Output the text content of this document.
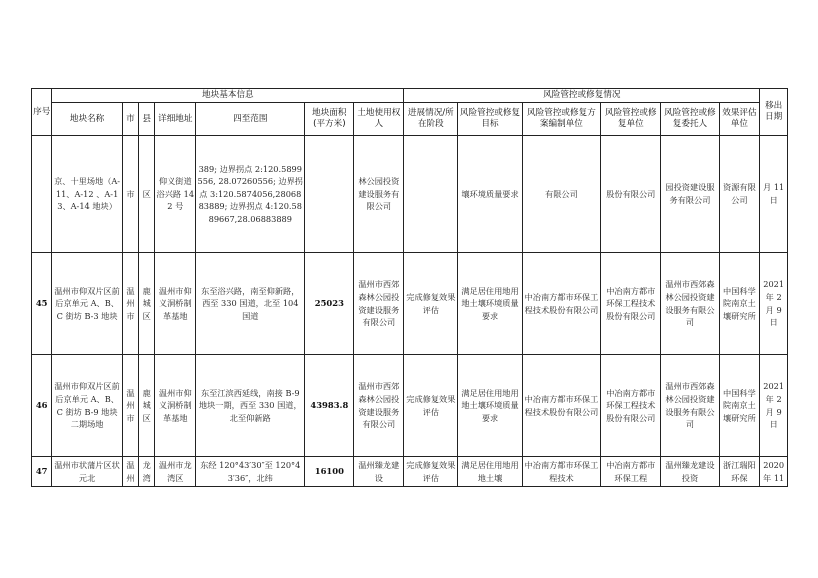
序号	地块基本信息							风险管控或修复情况						移出日期
	地块名称	市	县	详细地址	四至范围	地块面积(平方米)	土地使用权人	进展情况/所在阶段	风险管控或修复目标	风险管控或修复方案编制单位	风险管控或修复单位	风险管控或修复委托人	效果评估单位	
	京、十里场地（A-11、A-12 、A-13、A-14 地块）	市	区	仰义街道浴兴路 142 号	389; 边界拐点 2:120.5899556, 28.07260556; 边界拐点 3:120.5874056,2806883889; 边界拐点 4:120.5889667,28.06883889		林公园投资建设服务有限公司		壤环境质量要求	有限公司	股份有限公司	园投资建设服务有限公司	资源有限公司	月 11 日
45	温州市仰双片区前后京单元 A、B、C 街坊 B-3 地块	温州市	鹿城区	温州市仰义洞桥制革基地	东至浴兴路，南至仰新路，西至 330 国道，北至 104 国道	25023	温州市西郊森林公园投资建设服务有限公司	完成修复效果评估	满足居住用地用地土壤环境质量要求	中冶南方都市环保工程技术股份有限公司	中冶南方都市环保工程技术股份有限公司	温州市西郊森林公园投资建设服务有限公司	中国科学院南京土壤研究所	2021 年 2 月 9 日
46	温州市仰双片区前后京单元 A、B、C 街坊 B-9 地块二期场地	温州市	鹿城区	温州市仰义洞桥制革基地	东至江滨西延线，南接 B-9 地块一期，西至 330 国道，北至仰新路	43983.8	温州市西郊森林公园投资建设服务有限公司	完成修复效果评估	满足居住用地用地土壤环境质量要求	中冶南方都市环保工程技术股份有限公司	中冶南方都市环保工程技术股份有限公司	温州市西郊森林公园投资建设服务有限公司	中国科学院南京土壤研究所	2021 年 2 月 9 日
47	温州市状蒲片区状元北	温州	龙湾	温州市龙湾区	东经 120°43′30″至 120°43′36″，北纬	16100	温州臻龙建设	完成修复效果评估	满足居住用地用地土壤	中冶南方都市环保工程技术	中冶南方都市环保工程	温州臻龙建设投资	浙江瑞阳环保	2020 年 11
